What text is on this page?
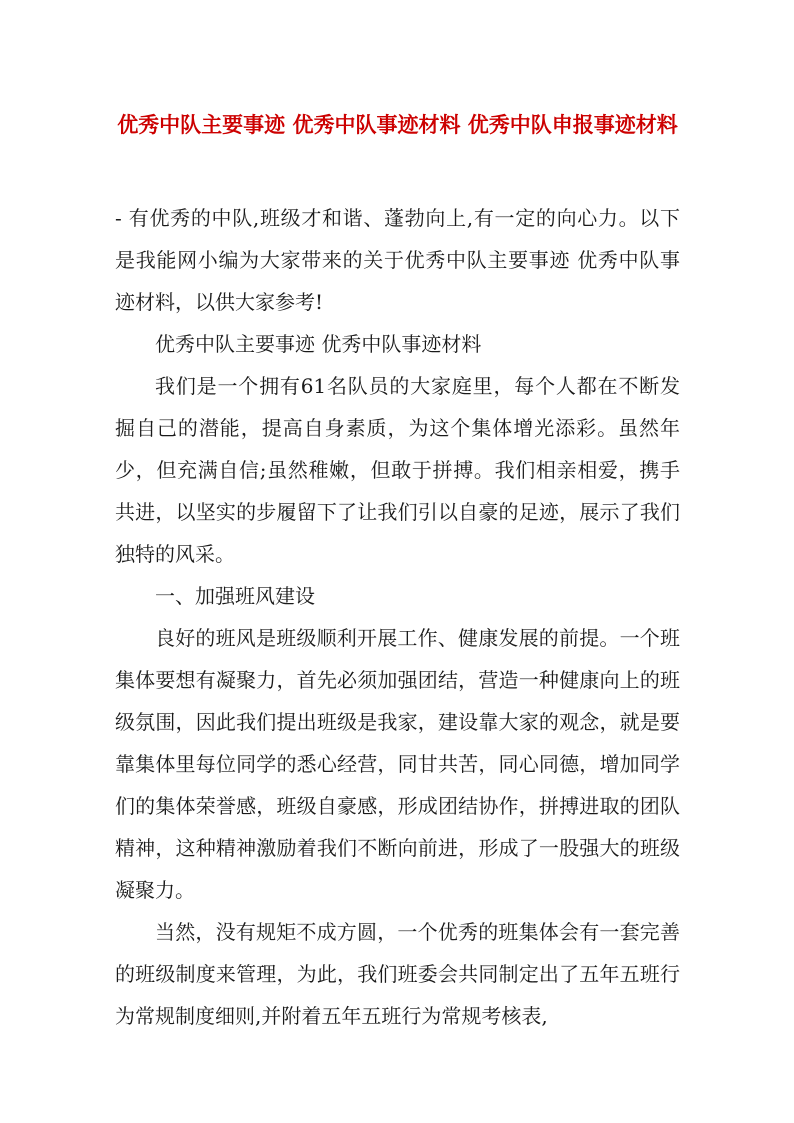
优秀中队主要事迹 优秀中队事迹材料 优秀中队申报事迹材料

- 有优秀的中队,班级才和谐、蓬勃向上,有一定的向心力。以下是我能网小编为大家带来的关于优秀中队主要事迹 优秀中队事迹材料，以供大家参考!

优秀中队主要事迹 优秀中队事迹材料

我们是一个拥有61名队员的大家庭里，每个人都在不断发掘自己的潜能，提高自身素质，为这个集体增光添彩。虽然年少，但充满自信;虽然稚嫩，但敢于拼搏。我们相亲相爱，携手共进，以坚实的步履留下了让我们引以自豪的足迹，展示了我们独特的风采。

一、加强班风建设

良好的班风是班级顺利开展工作、健康发展的前提。一个班集体要想有凝聚力，首先必须加强团结，营造一种健康向上的班级氛围，因此我们提出班级是我家，建设靠大家的观念，就是要靠集体里每位同学的悉心经营，同甘共苦，同心同德，增加同学们的集体荣誉感，班级自豪感，形成团结协作，拼搏进取的团队精神，这种精神激励着我们不断向前进，形成了一股强大的班级凝聚力。

当然，没有规矩不成方圆，一个优秀的班集体会有一套完善的班级制度来管理，为此，我们班委会共同制定出了五年五班行为常规制度细则,并附着五年五班行为常规考核表,
